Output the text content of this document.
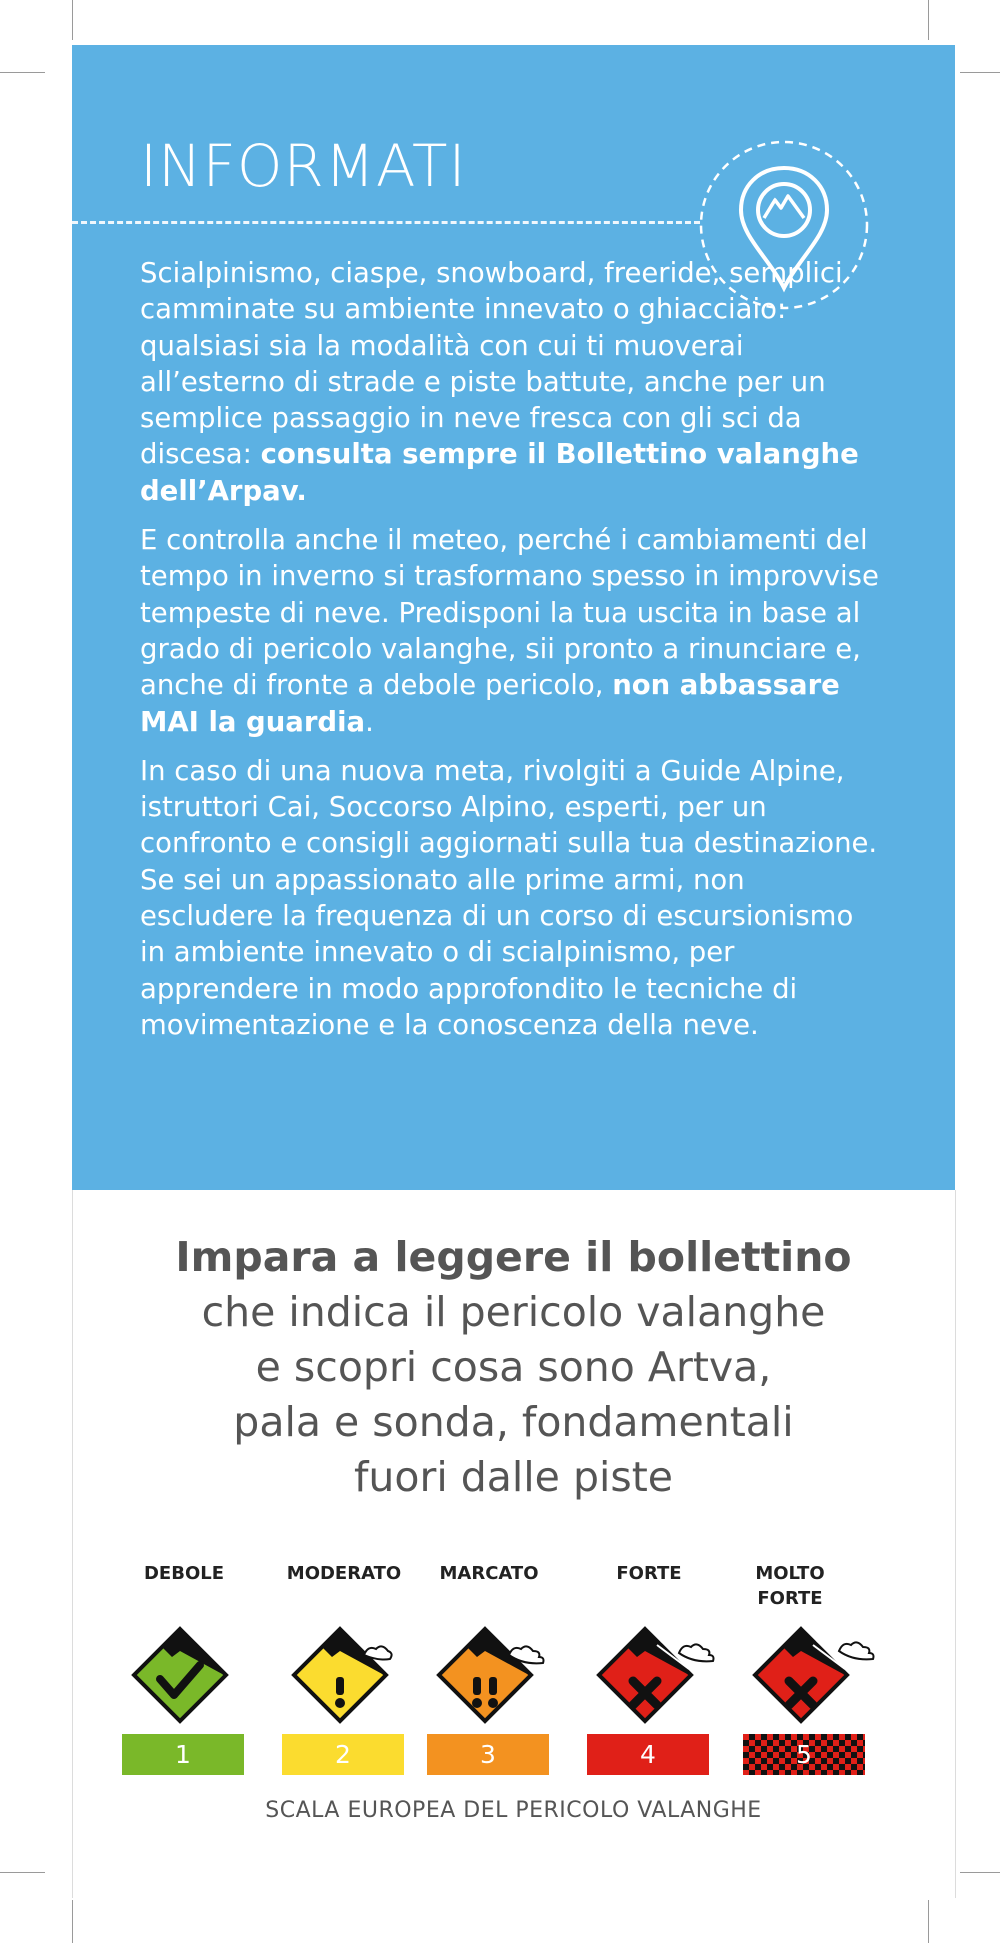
INFORMATI

Scialpinismo, ciaspe, snowboard, freeride, semplici camminate su ambiente innevato o ghiacciaio: qualsiasi sia la modalità con cui ti muoverai all’esterno di strade e piste battute, anche per un semplice passaggio in neve fresca con gli sci da discesa: consulta sempre il Bollettino valanghe dell’Arpav.

E controlla anche il meteo, perché i cambiamenti del tempo in inverno si trasformano spesso in improvvise tempeste di neve. Predisponi la tua uscita in base al grado di pericolo valanghe, sii pronto a rinunciare e, anche di fronte a debole pericolo, non abbassare MAI la guardia.

In caso di una nuova meta, rivolgiti a Guide Alpine, istruttori Cai, Soccorso Alpino, esperti, per un confronto e consigli aggiornati sulla tua destinazione. Se sei un appassionato alle prime armi, non escludere la frequenza di un corso di escursionismo in ambiente innevato o di scialpinismo, per apprendere in modo approfondito le tecniche di movimentazione e la conoscenza della neve.

Impara a leggere il bollettino
che indica il pericolo valanghe
e scopri cosa sono Artva,
pala e sonda, fondamentali
fuori dalle piste
DEBOLE
1
MODERATO
2
MARCATO
3
FORTE
4
MOLTO FORTE
5
SCALA EUROPEA DEL PERICOLO VALANGHE
